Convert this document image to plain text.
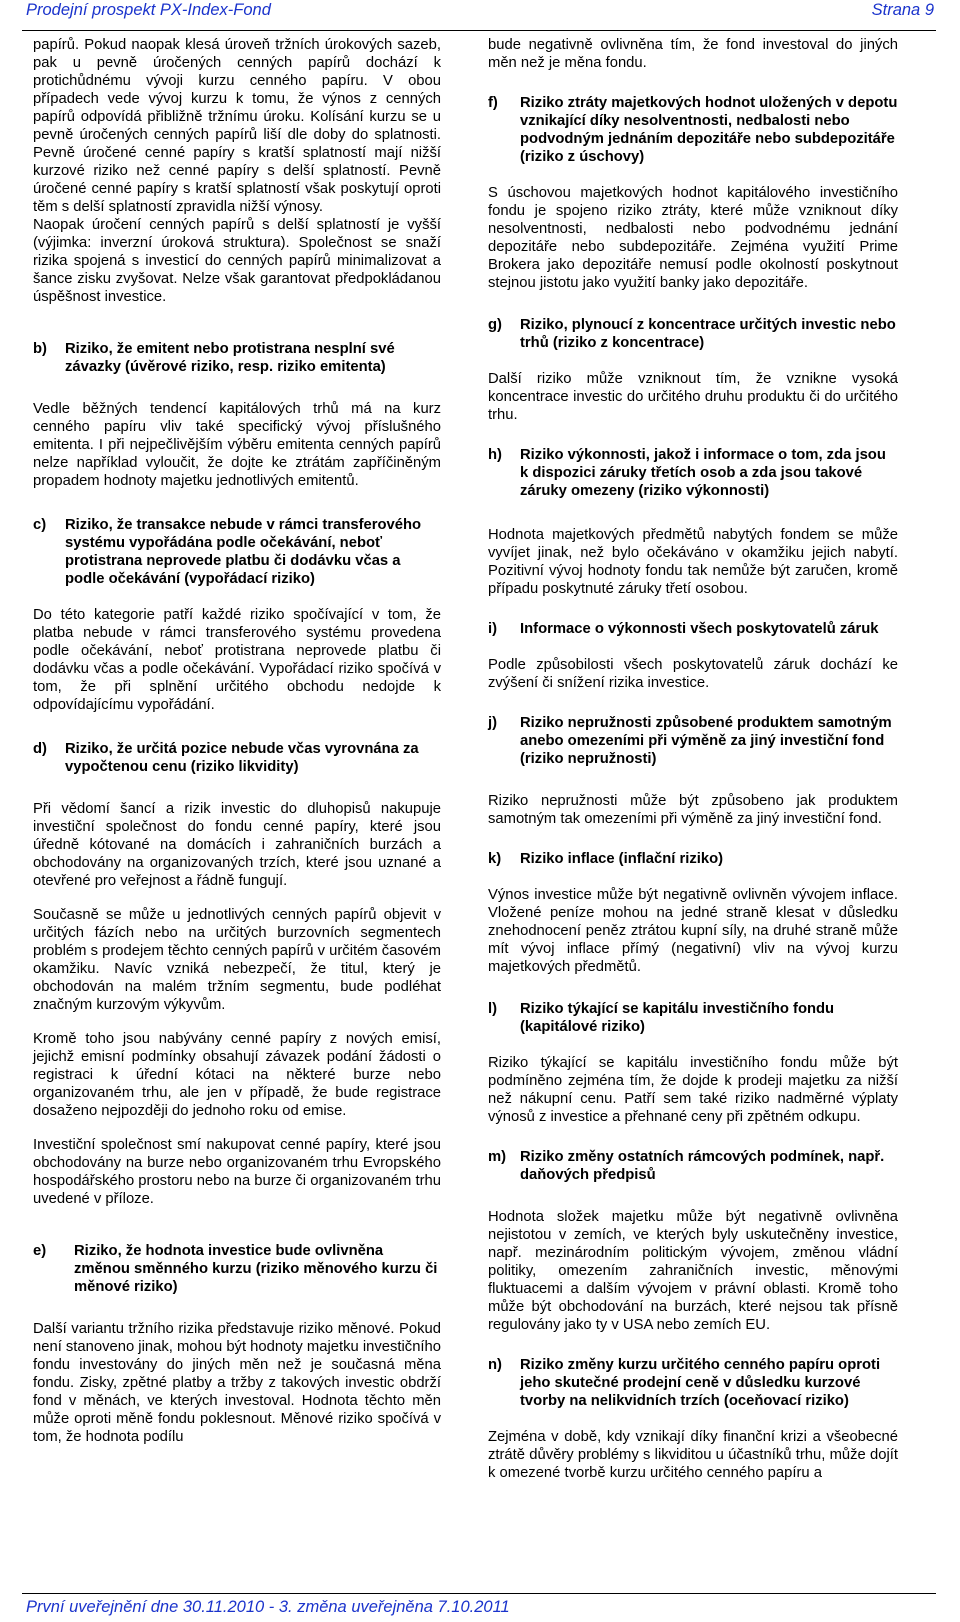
Prodejní prospekt PX-Index-Fond	Strana 9

papírů. Pokud naopak klesá úroveň tržních úrokových sazeb, pak u pevně úročených cenných papírů dochází k protichůdnému vývoji kurzu cenného papíru. V obou případech vede vývoj kurzu k tomu, že výnos z cenných papírů odpovídá přibližně tržnímu úroku. Kolísání kurzu se u pevně úročených cenných papírů liší dle doby do splatnosti. Pevně úročené cenné papíry s kratší splatností mají nižší kurzové riziko než cenné papíry s delší splatností. Pevně úročené cenné papíry s kratší splatností však poskytují oproti těm s delší splatností zpravidla nižší výnosy.

Naopak úročení cenných papírů s delší splatností je vyšší (výjimka: inverzní úroková struktura). Společnost se snaží rizika spojená s investicí do cenných papírů minimalizovat a šance zisku zvyšovat. Nelze však garantovat předpokládanou úspěšnost investice.

b) Riziko, že emitent nebo protistrana nesplní své závazky (úvěrové riziko, resp. riziko emitenta)

Vedle běžných tendencí kapitálových trhů má na kurz cenného papíru vliv také specifický vývoj příslušného emitenta. I při nejpečlivějším výběru emitenta cenných papírů nelze například vyloučit, že dojte ke ztrátám zapříčiněným propadem hodnoty majetku jednotlivých emitentů.

c) Riziko, že transakce nebude v rámci transferového systému vypořádána podle očekávání, neboť protistrana neprovede platbu či dodávku včas a podle očekávání (vypořádací riziko)

Do této kategorie patří každé riziko spočívající v tom, že platba nebude v rámci transferového systému provedena podle očekávání, neboť protistrana neprovede platbu či dodávku včas a podle očekávání. Vypořádací riziko spočívá v tom, že při splnění určitého obchodu nedojde k odpovídajícímu vypořádání.

d) Riziko, že určitá pozice nebude včas vyrovnána za vypočtenou cenu (riziko likvidity)

Při vědomí šancí a rizik investic do dluhopisů nakupuje investiční společnost do fondu cenné papíry, které jsou úředně kótované na domácích i zahraničních burzách a obchodovány na organizovaných trzích, které jsou uznané a otevřené pro veřejnost a řádně fungují.

Současně se může u jednotlivých cenných papírů objevit v určitých fázích nebo na určitých burzovních segmentech problém s prodejem těchto cenných papírů v určitém časovém okamžiku. Navíc vzniká nebezpečí, že titul, který je obchodován na malém tržním segmentu, bude podléhat značným kurzovým výkyvům.

Kromě toho jsou nabývány cenné papíry z nových emisí, jejichž emisní podmínky obsahují závazek podání žádosti o registraci k úřední kótaci na některé burze nebo organizovaném trhu, ale jen v případě, že bude registrace dosaženo nejpozději do jednoho roku od emise.

Investiční společnost smí nakupovat cenné papíry, které jsou obchodovány na burze nebo organizovaném trhu Evropského hospodářského prostoru nebo na burze či organizovaném trhu uvedené v příloze.

e) Riziko, že hodnota investice bude ovlivněna změnou směnného kurzu (riziko měnového kurzu či měnové riziko)

Další variantu tržního rizika představuje riziko měnové. Pokud není stanoveno jinak, mohou být hodnoty majetku investičního fondu investovány do jiných měn než je současná měna fondu. Zisky, zpětné platby a tržby z takových investic obdrží fond v měnách, ve kterých investoval. Hodnota těchto měn může oproti měně fondu poklesnout. Měnové riziko spočívá v tom, že hodnota podílu

bude negativně ovlivněna tím, že fond investoval do jiných měn než je měna fondu.

f) Riziko ztráty majetkových hodnot uložených v depotu vznikající díky nesolventnosti, nedbalosti nebo podvodným jednáním depozitáře nebo subdepozitáře (riziko z úschovy)

S úschovou majetkových hodnot kapitálového investičního fondu je spojeno riziko ztráty, které může vzniknout díky nesolventnosti, nedbalosti nebo podvodnému jednání depozitáře nebo subdepozitáře. Zejména využití Prime Brokera jako depozitáře nemusí podle okolností poskytnout stejnou jistotu jako využití banky jako depozitáře.

g) Riziko, plynoucí z koncentrace určitých investic nebo trhů (riziko z koncentrace)

Další riziko může vzniknout tím, že vznikne vysoká koncentrace investic do určitého druhu produktu či do určitého trhu.

h) Riziko výkonnosti, jakož i informace o tom, zda jsou k dispozici záruky třetích osob a zda jsou takové záruky omezeny (riziko výkonnosti)

Hodnota majetkových předmětů nabytých fondem se může vyvíjet jinak, než bylo očekáváno v okamžiku jejich nabytí. Pozitivní vývoj hodnoty fondu tak nemůže být zaručen, kromě případu poskytnuté záruky třetí osobou.

i) Informace o výkonnosti všech poskytovatelů záruk

Podle způsobilosti všech poskytovatelů záruk dochází ke zvýšení či snížení rizika investice.

j) Riziko nepružnosti způsobené produktem samotným anebo omezeními při výměně za jiný investiční fond (riziko nepružnosti)

Riziko nepružnosti může být způsobeno jak produktem samotným tak omezeními při výměně za jiný investiční fond.

k) Riziko inflace (inflační riziko)

Výnos investice může být negativně ovlivněn vývojem inflace. Vložené peníze mohou na jedné straně klesat v důsledku znehodnocení peněz ztrátou kupní síly, na druhé straně může mít vývoj inflace přímý (negativní) vliv na vývoj kurzu majetkových předmětů.

l) Riziko týkající se kapitálu investičního fondu (kapitálové riziko)

Riziko týkající se kapitálu investičního fondu může být podmíněno zejména tím, že dojde k prodeji majetku za nižší než nákupní cenu. Patří sem také riziko nadměrné výplaty výnosů z investice a přehnané ceny při zpětném odkupu.

m) Riziko změny ostatních rámcových podmínek, např. daňových předpisů

Hodnota složek majetku může být negativně ovlivněna nejistotou v zemích, ve kterých byly uskutečněny investice, např. mezinárodním politickým vývojem, změnou vládní politiky, omezením zahraničních investic, měnovými fluktuacemi a dalším vývojem v právní oblasti. Kromě toho může být obchodování na burzách, které nejsou tak přísně regulovány jako ty v USA nebo zemích EU.

n) Riziko změny kurzu určitého cenného papíru oproti jeho skutečné prodejní ceně v důsledku kurzové tvorby na nelikvidních trzích (oceňovací riziko)

Zejména v době, kdy vznikají díky finanční krizi a všeobecné ztrátě důvěry problémy s likviditou u účastníků trhu, může dojít k omezené tvorbě kurzu určitého cenného papíru a

První uveřejnění dne 30.11.2010 - 3. změna uveřejněna 7.10.2011
